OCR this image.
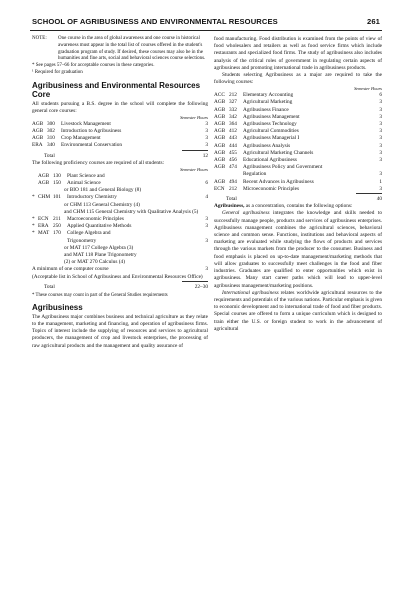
SCHOOL OF AGRIBUSINESS AND ENVIRONMENTAL RESOURCES	261
NOTE:	One course in the area of global awareness and one course in historical awareness must appear in the total list of courses offered in the student's graduation program of study. If desired, these courses may also be in the humanities and fine arts, social and behavioral sciences course selections.
* See pages 57–66 for acceptable courses in these categories.
¹ Required for graduation
Agribusiness and Environmental Resources Core

All students pursuing a B.S. degree in the school will complete the following general core courses:

Semester Hours
AGB 300	Livestock Management	3
AGB 302	Introduction to Agribusiness	3
AGB 310	Crop Management	3
ERA 340	Environmental Conservation	3
Total	12

The following proficiency courses are required of all students:

Semester Hours
AGB 130	Plant Science and
AGB 150	Animal Science	6
or BIO 181 and General Biology (8)
* CHM 101	Introductory Chemistry	4
or CHM 113 General Chemistry (4)
and CHM 115 General Chemistry with Qualitative Analysis (5)
* ECN 211	Macroeconomic Principles	3
* ERA 250	Applied Quantitative Methods	3
* MAT 170	College Algebra and
Trigonometry	3
or MAT 117 College Algebra (3)
and MAT 118 Plane Trigonometry
(2) or MAT 270 Calculus (4)
A minimum of one computer course	3
(Acceptable list in School of Agribusiness and Environmental Resources Office)
Total	22–30
* These courses may count in part of the General Studies requirements
Agribusiness

The Agribusiness major combines business and technical agriculture as they relate to the management, marketing and financing, and operation of agribusiness firms. Topics of interest include the supplying of resources and services to agricultural producers, the management of crop and livestock enterprises, the processing of raw agricultural products and the management and quality assurance of

food manufacturing. Food distribution is examined from the points of view of food wholesalers and retailers as well as food service firms which include restaurants and specialized food firms. The study of agribusiness also includes analysis of the critical roles of government in regulating certain aspects of agribusiness and promoting international trade in agribusiness products.

Students selecting Agribusiness as a major are required to take the following courses:

Semester Hours
ACC 212	Elementary Accounting	6
AGB 327	Agricultural Marketing	3
AGB 332	Agribusiness Finance	3
AGB 342	Agribusiness Management	3
AGB 364	Agribusiness Technology	3
AGB 412	Agricultural Commodities	3
AGB 443	Agribusiness Managerial I	3
AGB 444	Agribusiness Analysis	3
AGB 455	Agricultural Marketing Channels	3
AGB 456	Educational Agribusiness	3
AGB 474	Agribusiness Policy and Government
Regulation	3
AGB 494	Recent Advances in Agribusiness	1
ECN 212	Microeconomic Principles	3
Total	40

Agribusiness, as a concentration, contains the following options:

General agribusiness integrates the knowledge and skills needed to successfully manage people, products and services of agribusiness enterprises. Agribusiness management combines the agricultural sciences, behavioral science and common sense. Functions, institutions and behavioral aspects of marketing are evaluated while studying the flows of products and services through the various markets from the producer to the consumer. Business and food emphasis is placed on up-to-date management/marketing methods that will allow graduates to successfully meet challenges in the food and fiber industries. Graduates are qualified to enter opportunities which exist in agribusiness. Many start career paths which will lead to upper-level agribusiness management/marketing positions.

International agribusiness relates worldwide agricultural resources to the requirements and potentials of the various nations. Particular emphasis is given to economic development and to international trade of food and fiber products. Special courses are offered to form a unique curriculum which is designed to train either the U.S. or foreign student to work in the advancement of agricultural
